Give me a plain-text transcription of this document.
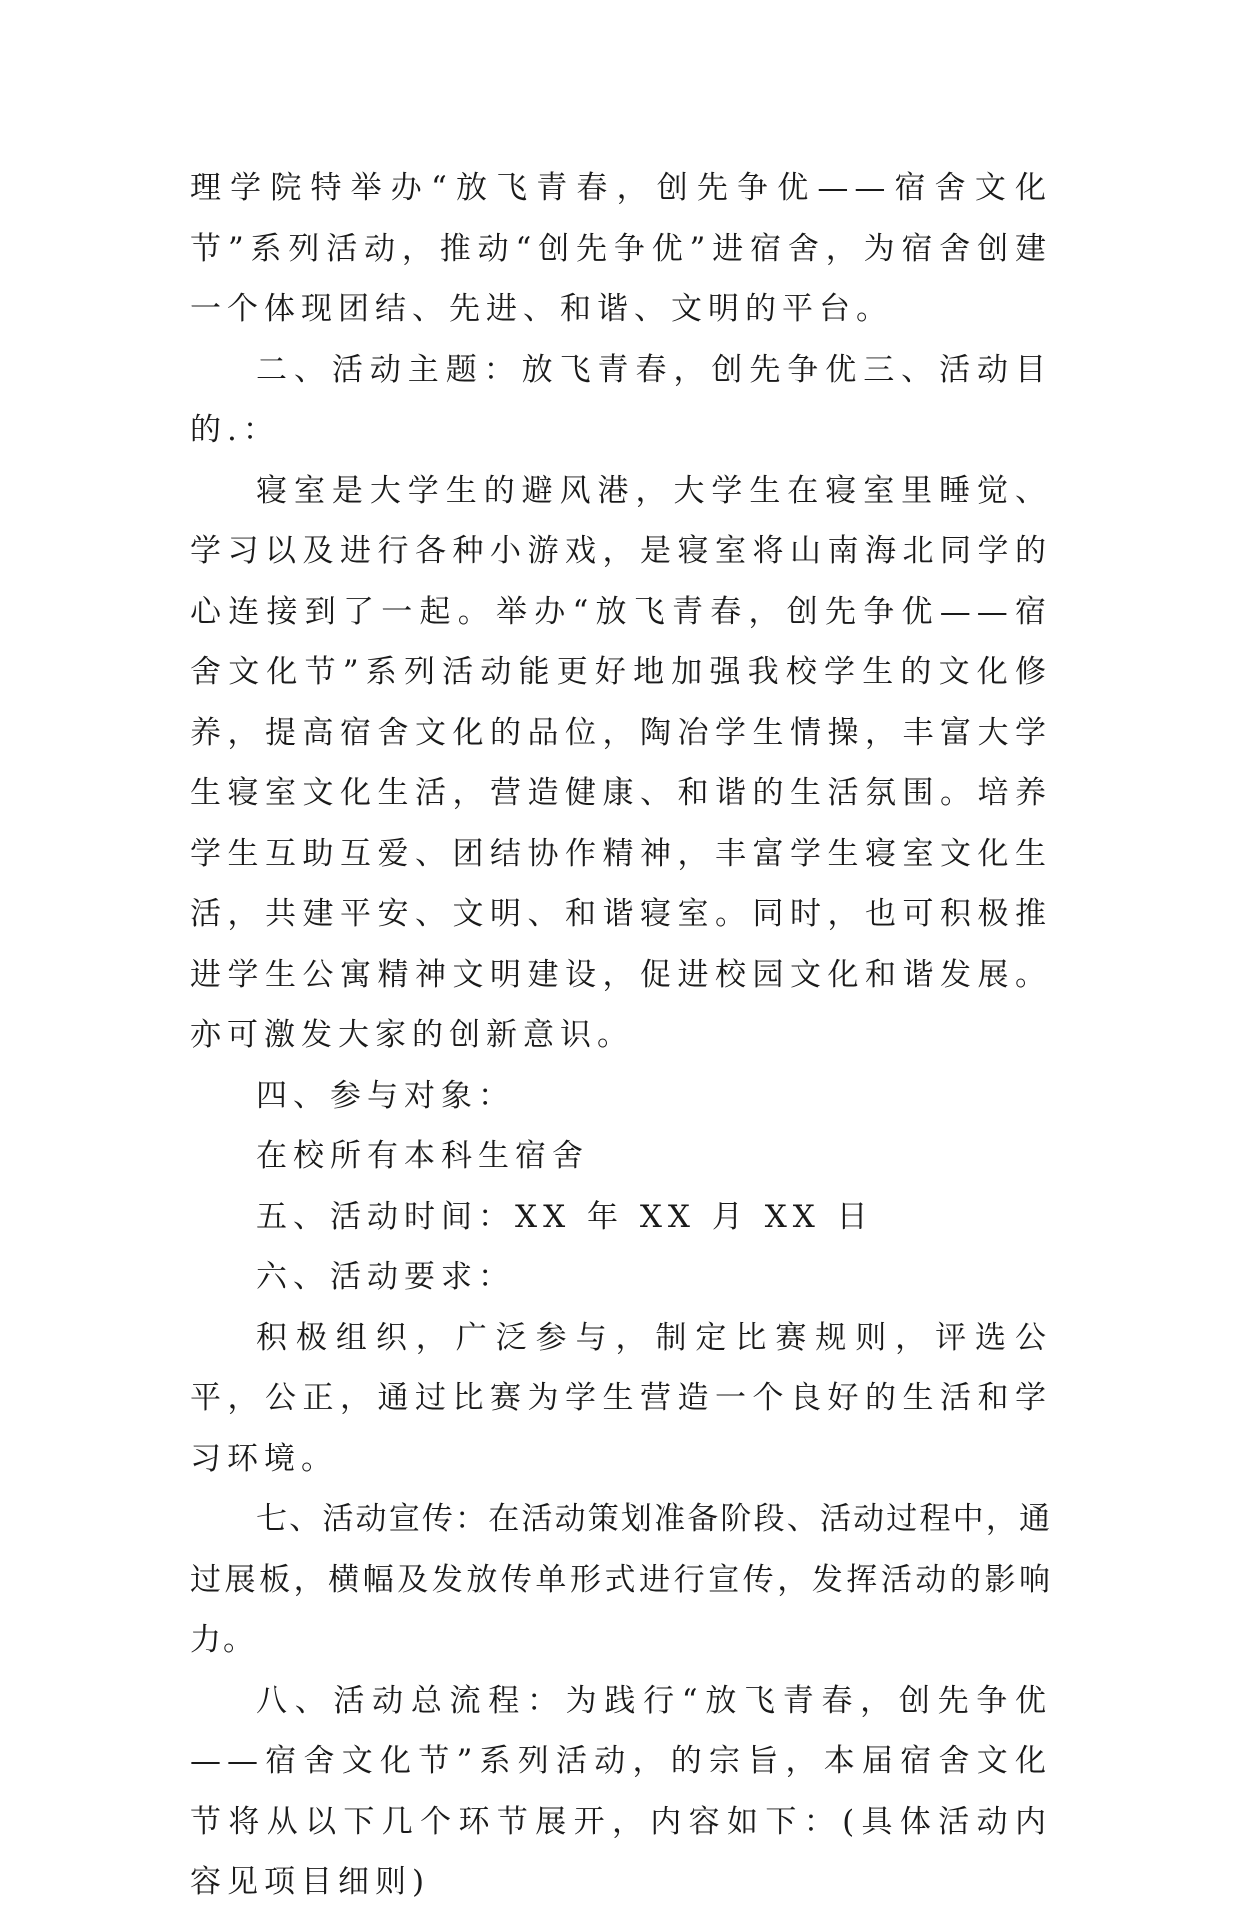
理学院特举办“放飞青春，创先争优——宿舍文化节”系列活动，推动“创先争优”进宿舍，为宿舍创建一个体现团结、先进、和谐、文明的平台。

二、活动主题：放飞青春，创先争优三、活动目的.：

寝室是大学生的避风港，大学生在寝室里睡觉、学习以及进行各种小游戏，是寝室将山南海北同学的心连接到了一起。举办“放飞青春，创先争优——宿舍文化节”系列活动能更好地加强我校学生的文化修养，提高宿舍文化的品位，陶冶学生情操，丰富大学生寝室文化生活，营造健康、和谐的生活氛围。培养学生互助互爱、团结协作精神，丰富学生寝室文化生活，共建平安、文明、和谐寝室。同时，也可积极推进学生公寓精神文明建设，促进校园文化和谐发展。亦可激发大家的创新意识。

四、参与对象：

在校所有本科生宿舍

五、活动时间：XX 年 XX 月 XX 日

六、活动要求：

积极组织，广泛参与，制定比赛规则，评选公平，公正，通过比赛为学生营造一个良好的生活和学习环境。

七、活动宣传：在活动策划准备阶段、活动过程中，通过展板，横幅及发放传单形式进行宣传，发挥活动的影响力。

八、活动总流程：为践行“放飞青春，创先争优——宿舍文化节”系列活动，的宗旨，本届宿舍文化节将从以下几个环节展开，内容如下：(具体活动内容见项目细则)
